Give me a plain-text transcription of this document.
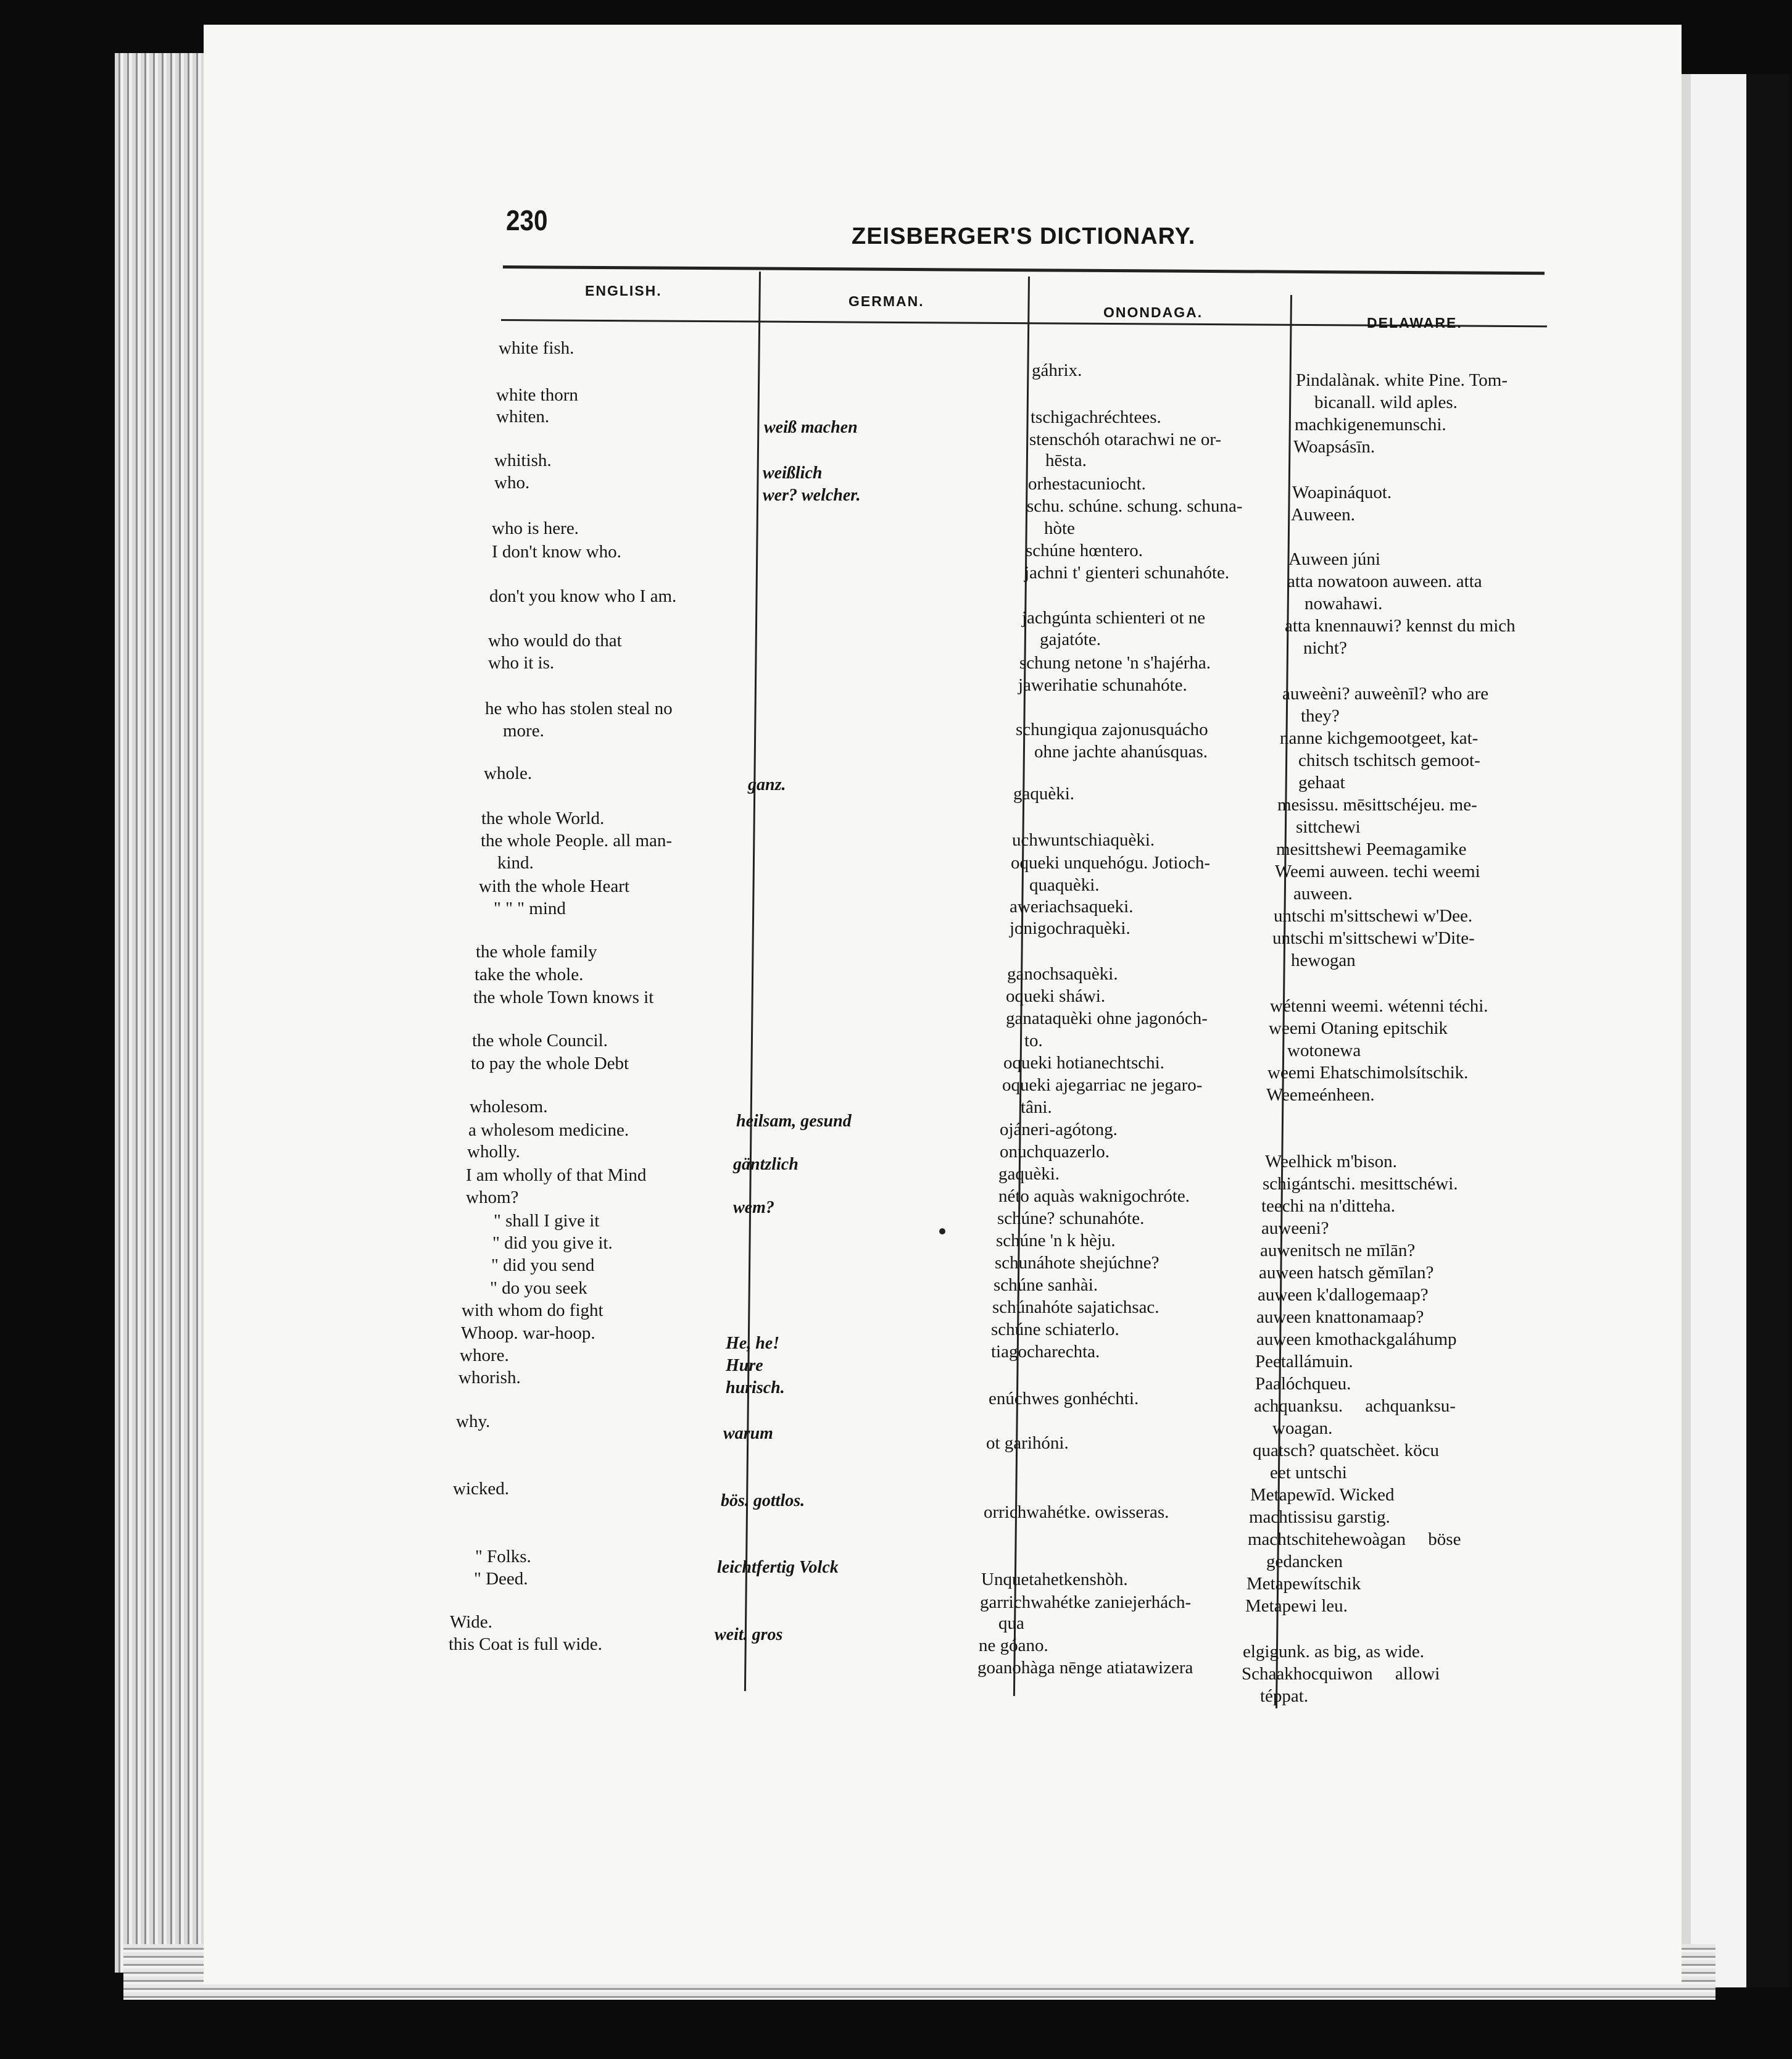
230	ZEISBERGER'S DICTIONARY.
ENGLISH.
GERMAN.
ONONDAGA.
DELAWARE.
white fish.
white thorn
whiten.
whitish.
who.
who is here.
I don't know who.
don't you know who I am.
who would do that
who it is.
he who has stolen steal no
more.
whole.
the whole World.
the whole People. all man-
kind.
with the whole Heart
" " " mind
the whole family
take the whole.
the whole Town knows it
the whole Council.
to pay the whole Debt
wholesom.
a wholesom medicine.
wholly.
I am wholly of that Mind
whom?
" shall I give it
" did you give it.
" did you send
" do you seek
with whom do fight
Whoop. war-hoop.
whore.
whorish.
why.
wicked.
" Folks.
" Deed.
Wide.
this Coat is full wide.
weiß machen
weißlich
wer? welcher.
ganz.
heilsam, gesund
gäntzlich
wem?
He, he!
Hure
hurisch.
warum
bös. gottlos.
leichtfertig Volck
weit. gros
gáhrix.
tschigachréchtees.
stenschóh otarachwi ne or-
hēsta.
orhestacuniocht.
schu. schúne. schung. schuna-
hòte
schúne hœntero.
jachni t' gienteri schunahóte.
jachgúnta schienteri ot ne
gajatóte.
schung netone 'n s'hajérha.
jawerihatie schunahóte.
schungiqua zajonusquácho
ohne jachte ahanúsquas.
gaquèki.
uchwuntschiaquèki.
oqueki unquehógu. Jotioch-
quaquèki.
aweriachsaqueki.
jonigochraquèki.
ganochsaquèki.
oqueki sháwi.
ganataquèki ohne jagonóch-
to.
oqueki hotianechtschi.
oqueki ajegarriac ne jegaro-
tâni.
ojáneri-agótong.
onuchquazerlo.
gaquèki.
néto aquàs waknigochróte.
schúne? schunahóte.
schúne 'n k hèju.
schunáhote shejúchne?
schúne sanhài.
schúnahóte sajatichsac.
schúne schiaterlo.
tiagocharechta.
enúchwes gonhéchti.
ot garihóni.
orrichwahétke. owisseras.
Unquetahetkenshòh.
garrichwahétke zaniejerhách-
qua
ne góano.
goanohàga nēnge atiatawizera
Pindalànak. white Pine. Tom-
bicanall. wild aples.
machkigenemunschi.
Woapsásīn.
Woapináquot.
Auween.
Auween júni
atta nowatoon auween. atta
nowahawi.
atta knennauwi? kennst du mich
nicht?
auweèni? auweènīl? who are
they?
nanne kichgemootgeet, kat-
chitsch tschitsch gemoot-
gehaat
mesissu. mēsittschéjeu. me-
sittchewi
mesittshewi Peemagamike
Weemi auween. techi weemi
auween.
untschi m'sittschewi w'Dee.
untschi m'sittschewi w'Dite-
hewogan
wétenni weemi. wétenni téchi.
weemi Otaning epitschik
wotonewa
weemi Ehatschimolsítschik.
Weemeénheen.
Weelhick m'bison.
schigántschi. mesittschéwi.
teechi na n'ditteha.
auweeni?
auwenitsch ne mīlān?
auween hatsch gĕmīlan?
auween k'dallogemaap?
auween knattonamaap?
auween kmothackgaláhump
Peetallámuin.
Paalóchqueu.
achquanksu.     achquanksu-
woagan.
quatsch? quatschèet. köcu
eet untschi
Metapewīd. Wicked
machtissisu garstig.
machtschitehewoàgan     böse
gedancken
Metapewítschik
Metapewi leu.
elgigunk. as big, as wide.
Schaakhocquiwon     allowi
téppat.
